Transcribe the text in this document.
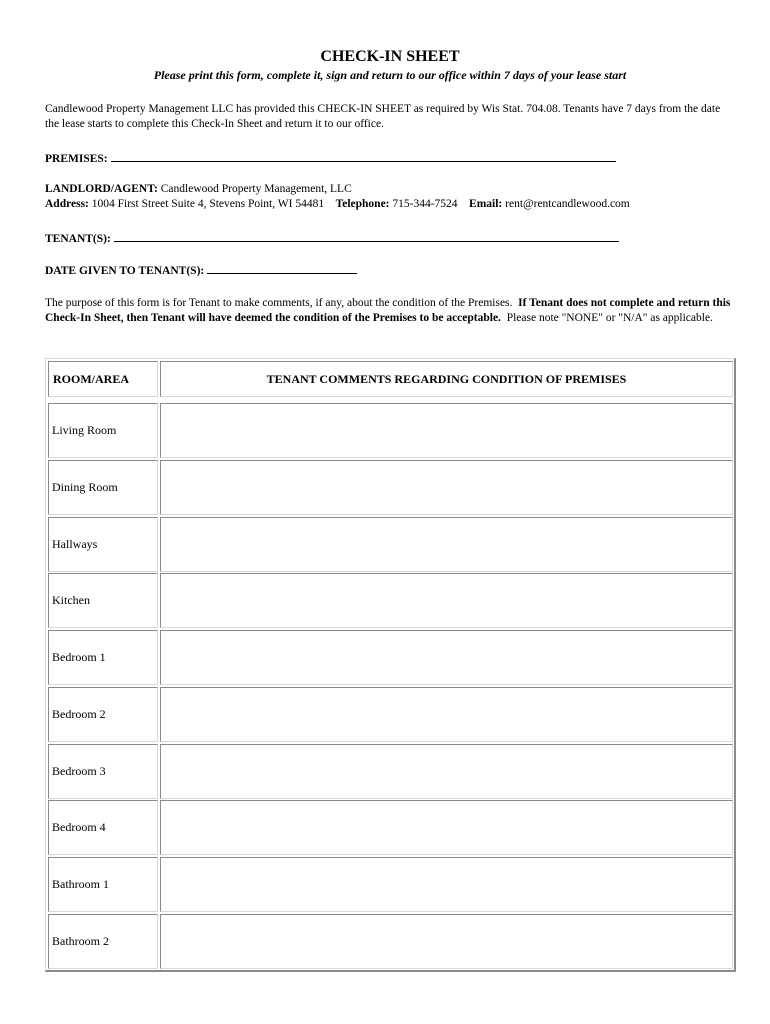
CHECK-IN SHEET
Please print this form, complete it, sign and return to our office within 7 days of your lease start
Candlewood Property Management LLC has provided this CHECK-IN SHEET as required by Wis Stat. 704.08. Tenants have 7 days from the date the lease starts to complete this Check-In Sheet and return it to our office.
PREMISES:
LANDLORD/AGENT: Candlewood Property Management, LLC
Address: 1004 First Street Suite 4, Stevens Point, WI 54481 Telephone: 715-344-7524 Email: rent@rentcandlewood.com
TENANT(S):
DATE GIVEN TO TENANT(S):
The purpose of this form is for Tenant to make comments, if any, about the condition of the Premises. If Tenant does not complete and return this Check-In Sheet, then Tenant will have deemed the condition of the Premises to be acceptable. Please note "NONE" or "N/A" as applicable.
ROOM/AREA	TENANT COMMENTS REGARDING CONDITION OF PREMISES
Living Room
Dining Room
Hallways
Kitchen
Bedroom 1
Bedroom 2
Bedroom 3
Bedroom 4
Bathroom 1
Bathroom 2
